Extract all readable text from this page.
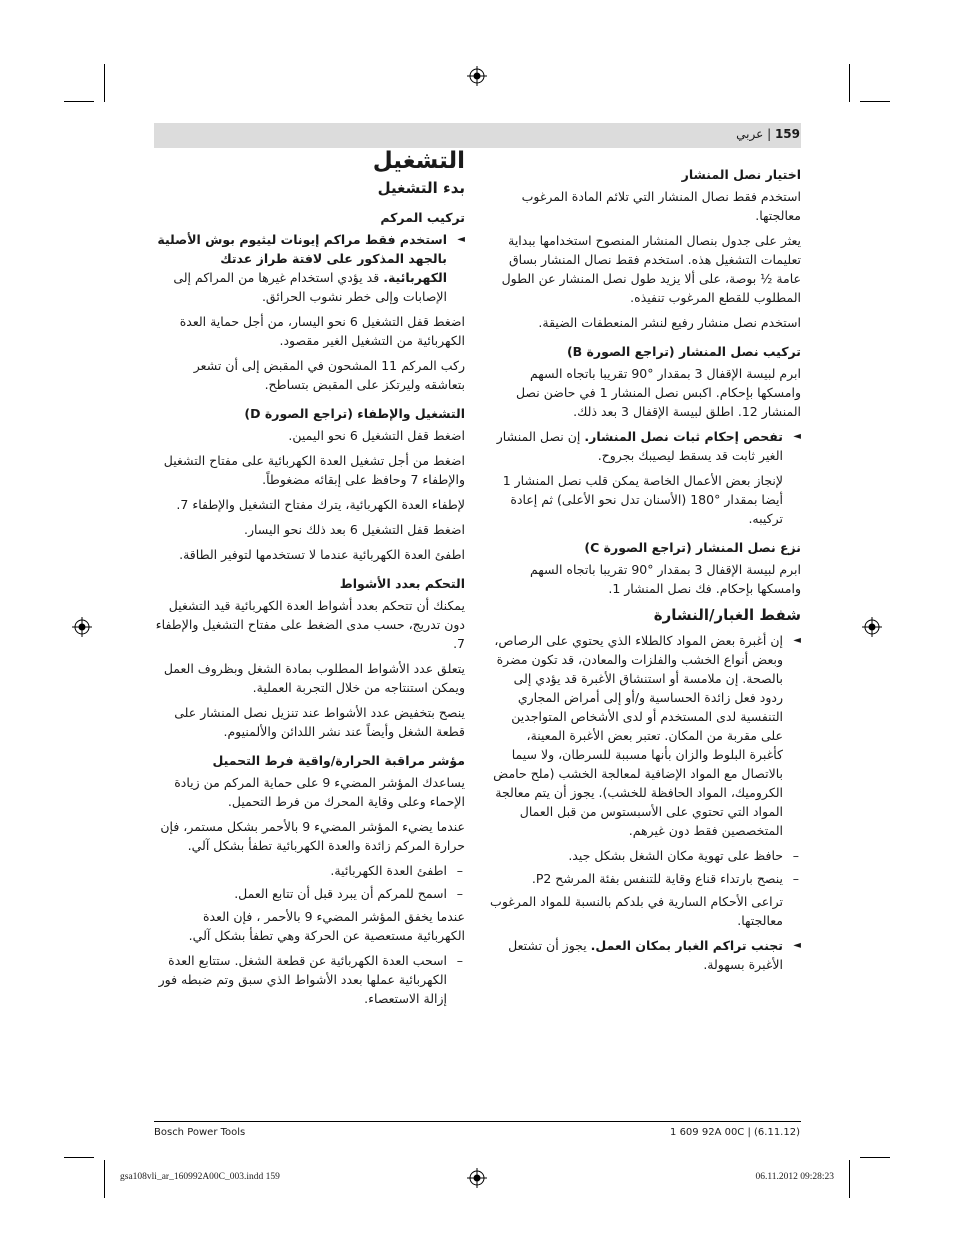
159 | عربي
اختيار نصل المنشار

استخدم فقط نصال المنشار التي تلائم المادة المرغوب معالجتها.

يعثر على جدول بنصال المنشار المنصوح استخدامها ببداية تعليمات التشغيل هذه. استخدم فقط نصال المنشار بساق عامة ½ بوصة، على ألا يزيد طول نصل المنشار عن الطول المطلوب للقطع المرغوب تنفيذه.

استخدم نصل منشار رفيع لنشر المنعطفات الضيقة.

تركيب نصل المنشار (تراجع الصورة B)

ابرم لبيسة الإقفال 3 بمقدار °90 تقريبا باتجاه السهم وامسكها بإحكام. اكبس نصل المنشار 1 في حاضن نصل المنشار 12. اطلق لبيسة الإقفال 3 بعد ذلك.

◄ تفحص إحكام ثبات نصل المنشار. إن نصل المنشار الغير ثابت قد يسقط ليصيبك بجروح.

لإنجاز بعض الأعمال الخاصة يمكن قلب نصل المنشار 1 أيضا بمقدار °180 (الأسنان تدل نحو الأعلى) ثم إعادة تركيبه.

نزع نصل المنشار (تراجع الصورة C)

ابرم لبيسة الإقفال 3 بمقدار °90 تقريبا باتجاه السهم وامسكها بإحكام. فك نصل المنشار 1.

شفط الغبار/النشارة
◄ إن أغبرة بعض المواد كالطلاء الذي يحتوي على الرصاص، وبعض أنواع الخشب والفلزات والمعادن، قد تكون مضرة بالصحة. إن ملامسة أو استنشاق الأغبرة قد يؤدي إلى ردود فعل زائدة الحساسية و/أو إلى أمراض المجاري التنفسية لدى المستخدم أو لدى الأشخاص المتواجدين على مقربة من المكان. تعتبر بعض الأغبرة المعينة، كأغبرة البلوط والزان بأنها مسببة للسرطان، ولا سيما بالاتصال مع المواد الإضافية لمعالجة الخشب (ملح حامض الكروميك، المواد الحافظة للخشب). يجوز أن يتم معالجة المواد التي تحتوي على الأسبستوس من قبل العمال المتخصصين فقط دون غيرهم.
– حافظ على تهوية مكان الشغل بشكل جيد.
– ينصح بارتداء قناع وقاية للتنفس بفئة المرشح P2.

تراعى الأحكام السارية في بلدكم بالنسبة للمواد المرغوب معالجتها.

◄ تجنب تراكم الغبار بمكان العمل. يجوز أن تشتعل الأغبرة بسهولة.
التشغيل
بدء التشغيل
تركيب المركم
◄ استخدم فقط مراكم إيونات ليثيوم بوش الأصلية بالجهد المذكور على لافتة طراز عدتك الكهربائية. قد يؤدي استخدام غيرها من المراكم إلى الإصابات وإلى خطر نشوب الحرائق.

اضغط قفل التشغيل 6 نحو اليسار، من أجل حماية العدة الكهربائية من التشغيل الغير مقصود.

ركب المركم 11 المشحون في المقبض إلى أن تشعر بتعاشقه وليرتكز على المقبض بتساطح.

التشغيل والإطفاء (تراجع الصورة D)

اضغط قفل التشغيل 6 نحو اليمين.

اضغط من أجل تشغيل العدة الكهربائية على مفتاح التشغيل والإطفاء 7 وحافظ على إبقائه مضغوطاً.

لإطفاء العدة الكهربائية، يترك مفتاح التشغيل والإطفاء 7.

اضغط قفل التشغيل 6 بعد ذلك نحو اليسار.

اطفئ العدة الكهربائية عندما لا تستخدمها لتوفير الطاقة.

التحكم بعدد الأشواط

يمكنك أن تتحكم بعدد أشواط العدة الكهربائية قيد التشغيل دون تدريج، حسب مدى الضغط على مفتاح التشغيل والإطفاء 7.

يتعلق عدد الأشواط المطلوب بمادة الشغل وبظروف العمل ويمكن استنتاجه من خلال التجربة العملية.

ينصح بتخفيض عدد الأشواط عند تنزيل نصل المنشار على قطعة الشغل وأيضاً عند نشر اللدائن والألمنيوم.

مؤشر مراقبة الحرارة/واقية فرط التحميل

يساعدك المؤشر المضيء 9 على حماية المركم من زيادة الإحماء وعلى وقاية المحرك من فرط التحميل.

عندما يضيء المؤشر المضيء 9 بالأحمر بشكل مستمر، فإن حرارة المركم زائدة والعدة الكهربائية تطفأ بشكل آلي.

– اطفئ العدة الكهربائية.
– اسمح للمركم أن يبرد قبل أن تتابع العمل.

عندما يخفق المؤشر المضيء 9 بالأحمر ، فإن العدة الكهربائية مستعصية عن الحركة وهي تطفأ بشكل آلي.

– اسحب العدة الكهربائية عن قطعة الشغل. ستتابع العدة الكهربائية عملها بعدد الأشواط الذي سبق وتم ضبطه فور إزالة الاستعصاء.
Bosch Power Tools	1 609 92A 00C | (6.11.12)
gsa108vli_ar_160992A00C_003.indd 159	06.11.2012 09:28:23
